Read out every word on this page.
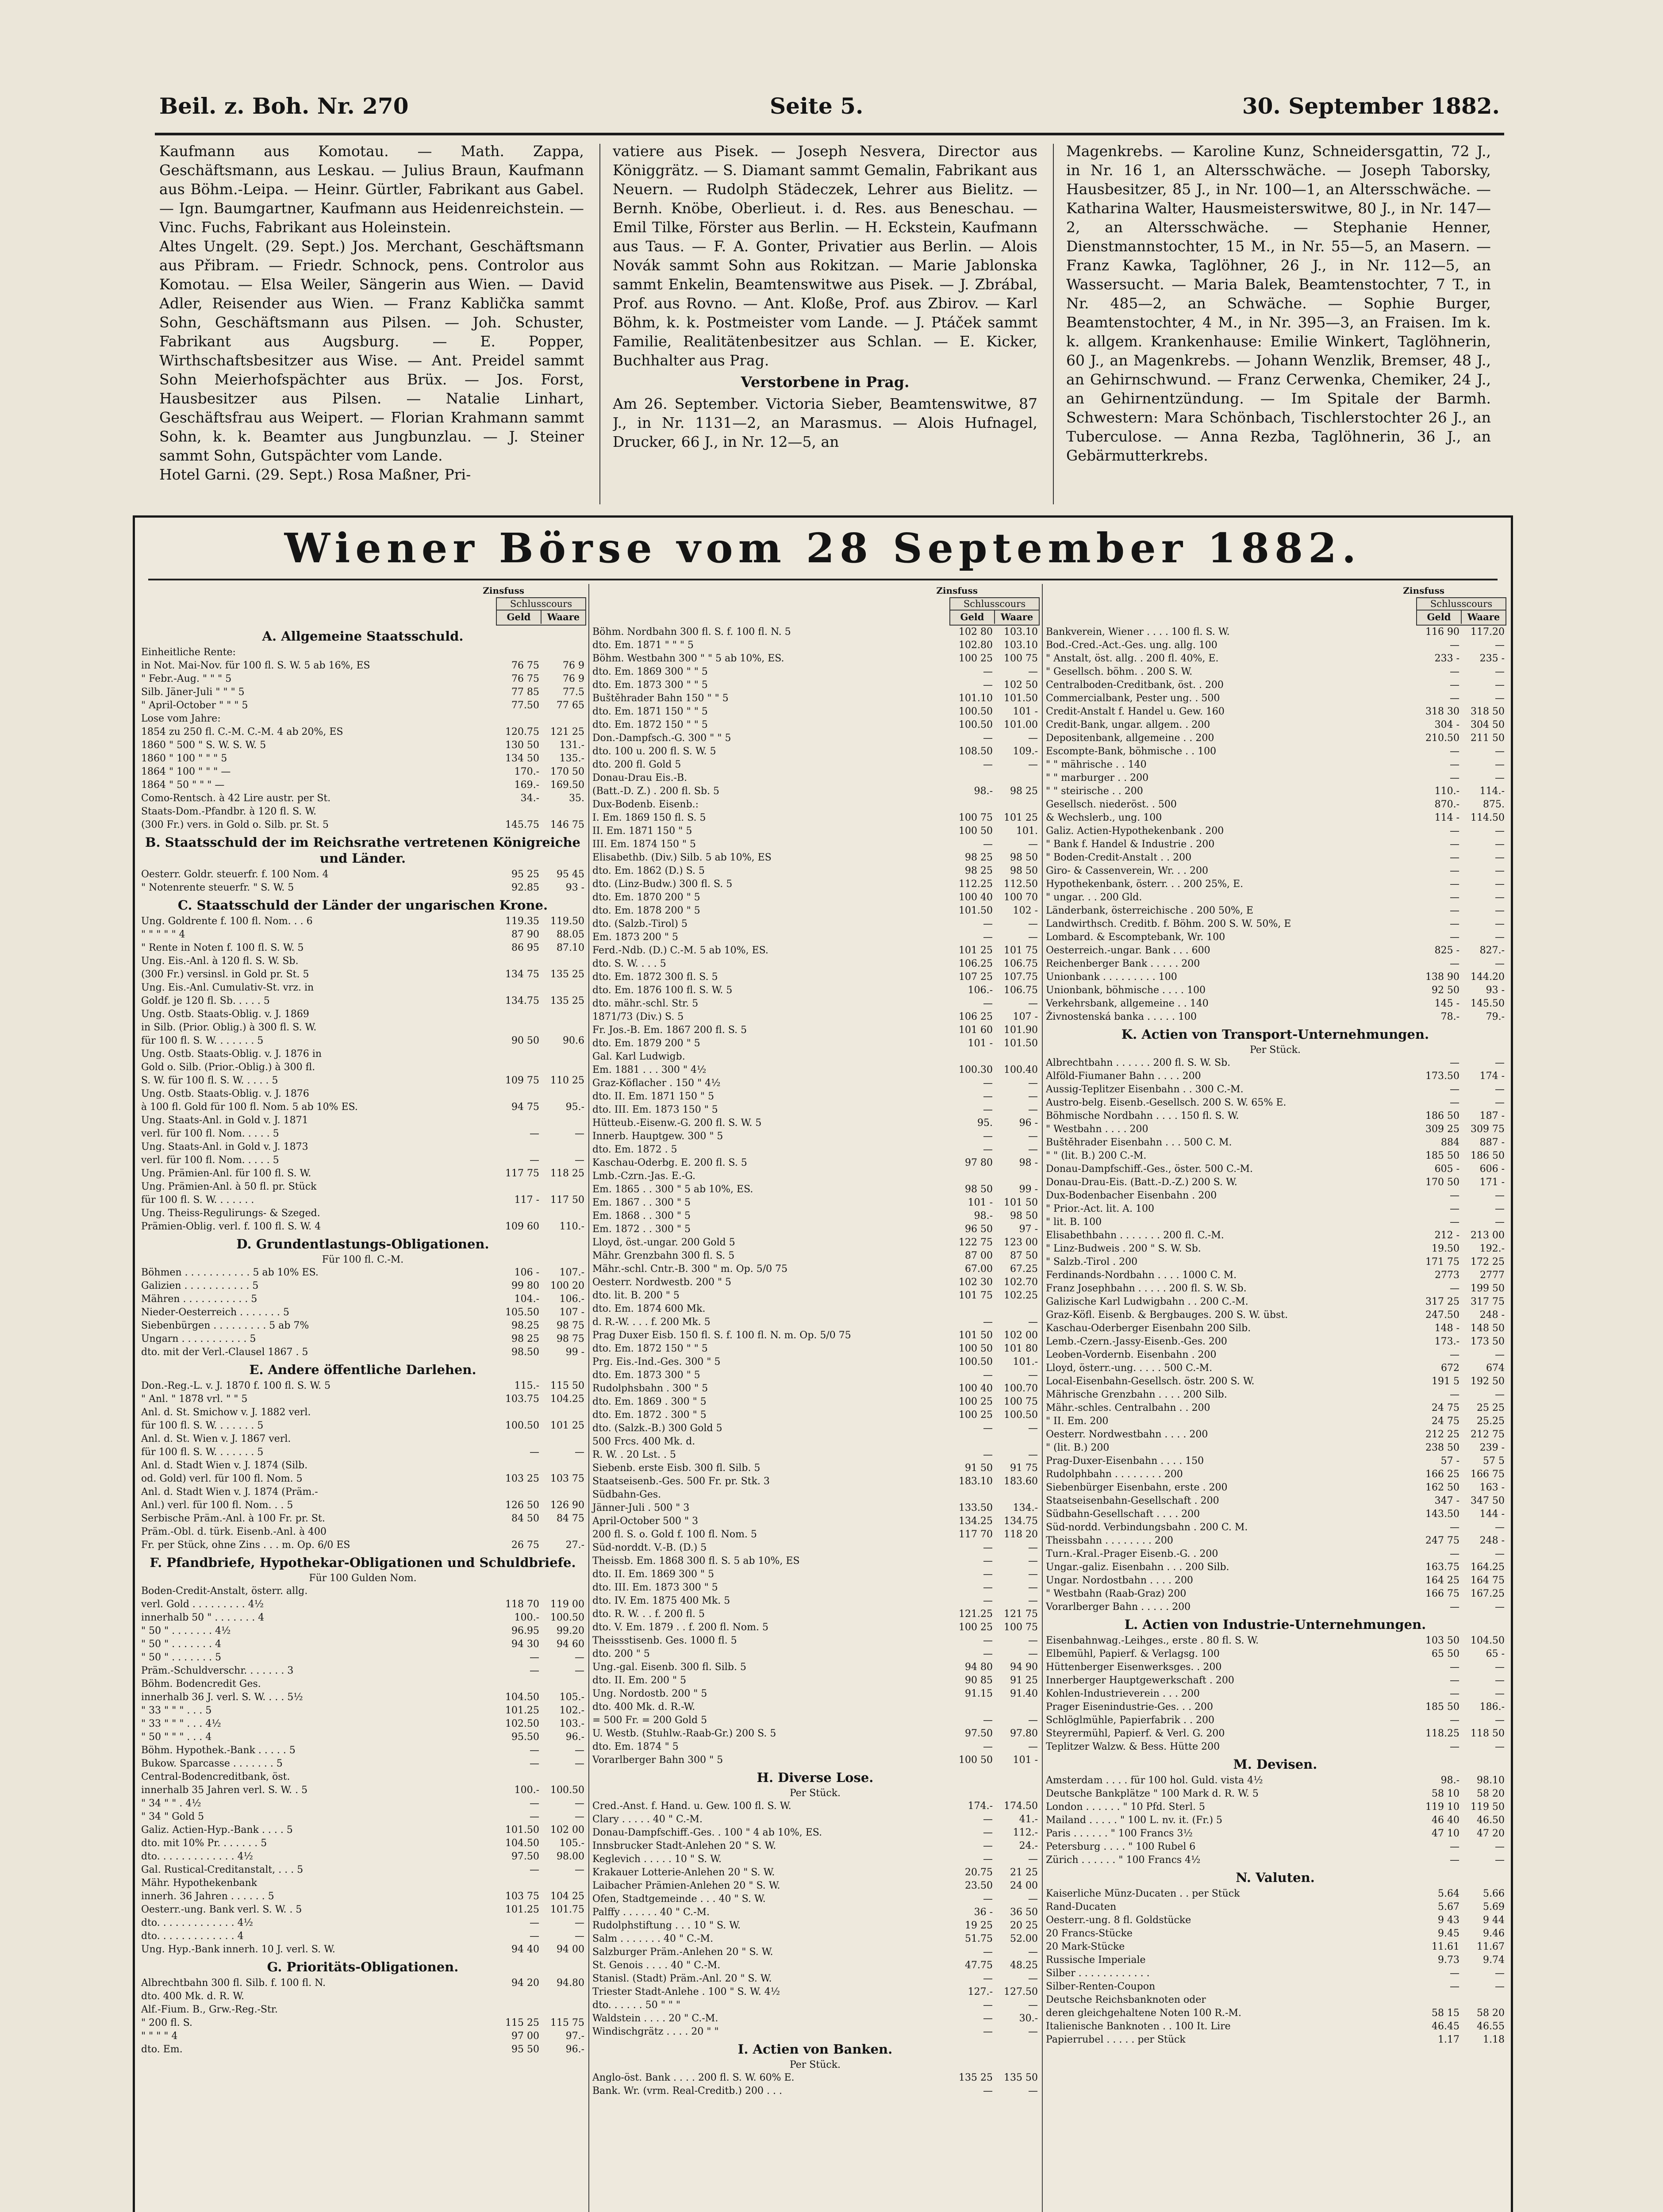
Beil. z. Boh. Nr. 270	Seite 5.	30. September 1882.
Kaufmann aus Komotau. — Math. Zappa, Geschäftsmann, aus Leskau. — Julius Braun, Kaufmann aus Böhm.-Leipa. — Heinr. Gürtler, Fabrikant aus Gabel. — Ign. Baumgartner, Kaufmann aus Heidenreichstein. — Vinc. Fuchs, Fabrikant aus Holeinstein.
Altes Ungelt. (29. Sept.) Jos. Merchant, Geschäftsmann aus Přibram. — Friedr. Schnock, pens. Controlor aus Komotau. — Elsa Weiler, Sängerin aus Wien. — David Adler, Reisender aus Wien. — Franz Kablička sammt Sohn, Geschäftsmann aus Pilsen. — Joh. Schuster, Fabrikant aus Augsburg. — E. Popper, Wirthschaftsbesitzer aus Wise. — Ant. Preidel sammt Sohn Meierhofspächter aus Brüx. — Jos. Forst, Hausbesitzer aus Pilsen. — Natalie Linhart, Geschäftsfrau aus Weipert. — Florian Krahmann sammt Sohn, k. k. Beamter aus Jungbunzlau. — J. Steiner sammt Sohn, Gutspächter vom Lande.
Hotel Garni. (29. Sept.) Rosa Maßner, Pri-
vatiere aus Pisek. — Joseph Nesvera, Director aus Königgrätz. — S. Diamant sammt Gemalin, Fabrikant aus Neuern. — Rudolph Städeczek, Lehrer aus Bielitz. — Bernh. Knöbe, Oberlieut. i. d. Res. aus Beneschau. — Emil Tilke, Förster aus Berlin. — H. Eckstein, Kaufmann aus Taus. — F. A. Gonter, Privatier aus Berlin. — Alois Novák sammt Sohn aus Rokitzan. — Marie Jablonska sammt Enkelin, Beamtenswitwe aus Pisek. — J. Zbrábal, Prof. aus Rovno. — Ant. Kloße, Prof. aus Zbirov. — Karl Böhm, k. k. Postmeister vom Lande. — J. Ptáček sammt Familie, Realitätenbesitzer aus Schlan. — E. Kicker, Buchhalter aus Prag.
Verstorbene in Prag.
Am 26. September. Victoria Sieber, Beamtenswitwe, 87 J., in Nr. 1131—2, an Marasmus. — Alois Hufnagel, Drucker, 66 J., in Nr. 12—5, an
Magenkrebs. — Karoline Kunz, Schneidersgattin, 72 J., in Nr. 16 1, an Altersschwäche. — Joseph Taborsky, Hausbesitzer, 85 J., in Nr. 100—1, an Altersschwäche. — Katharina Walter, Hausmeisterswitwe, 80 J., in Nr. 147—2, an Altersschwäche. — Stephanie Henner, Dienstmannstochter, 15 M., in Nr. 55—5, an Masern. — Franz Kawka, Taglöhner, 26 J., in Nr. 112—5, an Wassersucht. — Maria Balek, Beamtenstochter, 7 T., in Nr. 485—2, an Schwäche. — Sophie Burger, Beamtenstochter, 4 M., in Nr. 395—3, an Fraisen. Im k. k. allgem. Krankenhause: Emilie Winkert, Taglöhnerin, 60 J., an Magenkrebs. — Johann Wenzlik, Bremser, 48 J., an Gehirnschwund. — Franz Cerwenka, Chemiker, 24 J., an Gehirnentzündung. — Im Spitale der Barmh. Schwestern: Mara Schönbach, Tischlerstochter 26 J., an Tuberculose. — Anna Rezba, Taglöhnerin, 36 J., an Gebärmutterkrebs.
Wiener Börse vom 28 September 1882.
Zinsfuss
Schlusscours
Geld	Waare
A. Allgemeine Staatsschuld.
Einheitliche Rente:
in Not. Mai-Nov. für 100 fl. S. W. 5 ab 16%, ES	76 75	76 9
" Febr.-Aug. " " " 5	76 75	76 9
Silb. Jäner-Juli " " " 5	77 85	77.5
" April-October " " " 5	77.50	77 65
Lose vom Jahre:
1854 zu 250 fl. C.-M. C.-M. 4 ab 20%, ES	120.75	121 25
1860 " 500 " S. W. S. W. 5	130 50	131.-
1860 " 100 " " " 5	134 50	135.-
1864 " 100 " " " —	170.-	170 50
1864 " 50 " " " —	169.-	169.50
Como-Rentsch. à 42 Lire austr. per St.	34.-	35.
Staats-Dom.-Pfandbr. à 120 fl. S. W.
(300 Fr.) vers. in Gold o. Silb. pr. St. 5	145.75	146 75
B. Staatsschuld der im Reichsrathe vertretenen Königreiche und Länder.
Oesterr. Goldr. steuerfr. f. 100 Nom. 4	95 25	95 45
" Notenrente steuerfr. " S. W. 5	92.85	93 -
C. Staatsschuld der Länder der ungarischen Krone.
Ung. Goldrente f. 100 fl. Nom. . . 6	119.35	119.50
" " " " " 4	87 90	88.05
" Rente in Noten f. 100 fl. S. W. 5	86 95	87.10
Ung. Eis.-Anl. à 120 fl. S. W. Sb.
(300 Fr.) versinsl. in Gold pr. St. 5	134 75	135 25
Ung. Eis.-Anl. Cumulativ-St. vrz. in
Goldf. je 120 fl. Sb. . . . . 5	134.75	135 25
Ung. Ostb. Staats-Oblig. v. J. 1869
in Silb. (Prior. Oblig.) à 300 fl. S. W.
für 100 fl. S. W. . . . . . . 5	90 50	90.6
Ung. Ostb. Staats-Oblig. v. J. 1876 in
Gold o. Silb. (Prior.-Oblig.) à 300 fl.
S. W. für 100 fl. S. W. . . . . 5	109 75	110 25
Ung. Ostb. Staats-Oblig. v. J. 1876
à 100 fl. Gold für 100 fl. Nom. 5 ab 10% ES.	94 75	95.-
Ung. Staats-Anl. in Gold v. J. 1871
verl. für 100 fl. Nom. . . . . 5	—	—
Ung. Staats-Anl. in Gold v. J. 1873
verl. für 100 fl. Nom. . . . . 5	—	—
Ung. Prämien-Anl. für 100 fl. S. W.	117 75	118 25
Ung. Prämien-Anl. à 50 fl. pr. Stück
für 100 fl. S. W. . . . . . .	117 -	117 50
Ung. Theiss-Regulirungs- & Szeged.
Prämien-Oblig. verl. f. 100 fl. S. W. 4	109 60	110.-
D. Grundentlastungs-Obligationen.
Für 100 fl. C.-M.
Böhmen . . . . . . . . . . . 5 ab 10% ES.	106 -	107.-
Galizien . . . . . . . . . . . 5	99 80	100 20
Mähren . . . . . . . . . . . 5	104.-	106.-
Nieder-Oesterreich . . . . . . . 5	105.50	107 -
Siebenbürgen . . . . . . . . . 5 ab 7%	98.25	98 75
Ungarn . . . . . . . . . . . 5	98 25	98 75
dto. mit der Verl.-Clausel 1867 . 5	98.50	99 -
E. Andere öffentliche Darlehen.
Don.-Reg.-L. v. J. 1870 f. 100 fl. S. W. 5	115.-	115 50
" Anl. " 1878 vrl. " " 5	103.75	104.25
Anl. d. St. Smichow v. J. 1882 verl.
für 100 fl. S. W. . . . . . . 5	100.50	101 25
Anl. d. St. Wien v. J. 1867 verl.
für 100 fl. S. W. . . . . . . 5	—	—
Anl. d. Stadt Wien v. J. 1874 (Silb.
od. Gold) verl. für 100 fl. Nom. 5	103 25	103 75
Anl. d. Stadt Wien v. J. 1874 (Präm.-
Anl.) verl. für 100 fl. Nom. . . 5	126 50	126 90
Serbische Präm.-Anl. à 100 Fr. pr. St.	84 50	84 75
Präm.-Obl. d. türk. Eisenb.-Anl. à 400
Fr. per Stück, ohne Zins . . . m. Op. 6/0 ES	26 75	27.-
F. Pfandbriefe, Hypothekar-Obligationen und Schuldbriefe.
Für 100 Gulden Nom.
Boden-Credit-Anstalt, österr. allg.
verl. Gold . . . . . . . . . 4½	118 70	119 00
innerhalb 50 " . . . . . . . 4	100.-	100.50
" 50 " . . . . . . . 4½	96.95	99.20
" 50 " . . . . . . . 4	94 30	94 60
" 50 " . . . . . . . 5	—	—
Präm.-Schuldverschr. . . . . . . 3	—	—
Böhm. Bodencredit Ges.
innerhalb 36 J. verl. S. W. . . . 5½	104.50	105.-
" 33 " " " . . . 5	101.25	102.-
" 33 " " " . . . 4½	102.50	103.-
" 50 " " " . . . 4	95.50	96.-
Böhm. Hypothek.-Bank . . . . . 5	—	—
Bukow. Sparcasse . . . . . . . 5	—	—
Central-Bodencreditbank, öst.
innerhalb 35 Jahren verl. S. W. . 5	100.-	100.50
" 34 " " . 4½	—	—
" 34 " Gold 5	—	—
Galiz. Actien-Hyp.-Bank . . . . 5	101.50	102 00
dto. mit 10% Pr. . . . . . . 5	104.50	105.-
dto. . . . . . . . . . . . . 4½	97.50	98.00
Gal. Rustical-Creditanstalt, . . . 5	—	—
Mähr. Hypothekenbank
innerh. 36 Jahren . . . . . . 5	103 75	104 25
Oesterr.-ung. Bank verl. S. W. . 5	101.25	101.75
dto. . . . . . . . . . . . . 4½	—	—
dto. . . . . . . . . . . . . 4	—	—
Ung. Hyp.-Bank innerh. 10 J. verl. S. W.	94 40	94 00
G. Prioritäts-Obligationen.
Albrechtbahn 300 fl. Silb. f. 100 fl. N.	94 20	94.80
dto. 400 Mk. d. R. W.
Alf.-Fium. B., Grw.-Reg.-Str.
" 200 fl. S.	115 25	115 75
" " " " 4	97 00	97.-
dto. Em.	95 50	96.-
Zinsfuss
Schlusscours
Geld	Waare
Böhm. Nordbahn 300 fl. S. f. 100 fl. N. 5	102 80	103.10
dto. Em. 1871 " " " 5	102.80	103.10
Böhm. Westbahn 300 " " 5 ab 10%, ES.	100 25	100 75
dto. Em. 1869 300 " " 5	—	—
dto. Em. 1873 300 " " 5	—	102 50
Buštěhrader Bahn 150 " " 5	101.10	101.50
dto. Em. 1871 150 " " 5	100.50	101 -
dto. Em. 1872 150 " " 5	100.50	101.00
Don.-Dampfsch.-G. 300 " " 5	—	—
dto. 100 u. 200 fl. S. W. 5	108.50	109.-
dto. 200 fl. Gold 5	—	—
Donau-Drau Eis.-B.
(Batt.-D. Z.) . 200 fl. Sb. 5	98.-	98 25
Dux-Bodenb. Eisenb.:
I. Em. 1869 150 fl. S. 5	100 75	101 25
II. Em. 1871 150 " 5	100 50	101.
III. Em. 1874 150 " 5	—	—
Elisabethb. (Div.) Silb. 5 ab 10%, ES	98 25	98 50
dto. Em. 1862 (D.) S. 5	98 25	98 50
dto. (Linz-Budw.) 300 fl. S. 5	112.25	112.50
dto. Em. 1870 200 " 5	100 40	100 70
dto. Em. 1878 200 " 5	101.50	102 -
dto. (Salzb.-Tirol) 5	—	—
Em. 1873 200 " 5	—	—
Ferd.-Ndb. (D.) C.-M. 5 ab 10%, ES.	101 25	101 75
dto. S. W. . . . 5	106.25	106.75
dto. Em. 1872 300 fl. S. 5	107 25	107.75
dto. Em. 1876 100 fl. S. W. 5	106.-	106.75
dto. mähr.-schl. Str. 5	—	—
1871/73 (Div.) S. 5	106 25	107 -
Fr. Jos.-B. Em. 1867 200 fl. S. 5	101 60	101.90
dto. Em. 1879 200 " 5	101 -	101.50
Gal. Karl Ludwigb.
Em. 1881 . . . 300 " 4½	100.30	100.40
Graz-Köflacher . 150 " 4½	—	—
dto. II. Em. 1871 150 " 5	—	—
dto. III. Em. 1873 150 " 5	—	—
Hütteub.-Eisenw.-G. 200 fl. S. W. 5	95.	96 -
Innerb. Hauptgew. 300 " 5	—	—
dto. Em. 1872 . 5	—	—
Kaschau-Oderbg. E. 200 fl. S. 5	97 80	98 -
Lmb.-Czrn.-Jas. E.-G.
Em. 1865 . . 300 " 5 ab 10%, ES.	98 50	99 -
Em. 1867 . . 300 " 5	101 -	101 50
Em. 1868 . . 300 " 5	98.-	98 50
Em. 1872 . . 300 " 5	96 50	97 -
Lloyd, öst.-ungar. 200 Gold 5	122 75	123 00
Mähr. Grenzbahn 300 fl. S. 5	87 00	87 50
Mähr.-schl. Cntr.-B. 300 " m. Op. 5/0 75	67.00	67.25
Oesterr. Nordwestb. 200 " 5	102 30	102.70
dto. lit. B. 200 " 5	101 75	102.25
dto. Em. 1874 600 Mk.
d. R.-W. . . . f. 200 Mk. 5	—	—
Prag Duxer Eisb. 150 fl. S. f. 100 fl. N. m. Op. 5/0 75	101 50	102 00
dto. Em. 1872 150 " " 5	100 50	101 80
Prg. Eis.-Ind.-Ges. 300 " 5	100.50	101.-
dto. Em. 1873 300 " 5	—	—
Rudolphsbahn . 300 " 5	100 40	100.70
dto. Em. 1869 . 300 " 5	100 25	100 75
dto. Em. 1872 . 300 " 5	100 25	100.50
dto. (Salzk.-B.) 300 Gold 5	—	—
500 Frcs. 400 Mk. d.
R. W. . 20 Lst. . 5	—	—
Siebenb. erste Eisb. 300 fl. Silb. 5	91 50	91 75
Staatseisenb.-Ges. 500 Fr. pr. Stk. 3	183.10	183.60
Südbahn-Ges.
Jänner-Juli . 500 " 3	133.50	134.-
April-October 500 " 3	134.25	134.75
200 fl. S. o. Gold f. 100 fl. Nom. 5	117 70	118 20
Süd-norddt. V.-B. (D.) 5	—	—
Theissb. Em. 1868 300 fl. S. 5 ab 10%, ES	—	—
dto. II. Em. 1869 300 " 5	—	—
dto. III. Em. 1873 300 " 5	—	—
dto. IV. Em. 1875 400 Mk. 5	—	—
dto. R. W. . . f. 200 fl. 5	121.25	121 75
dto. V. Em. 1879 . . f. 200 fl. Nom. 5	100 25	100 75
Theissstisenb. Ges. 1000 fl. 5	—	—
dto. 200 " 5	—	—
Ung.-gal. Eisenb. 300 fl. Silb. 5	94 80	94 90
dto. II. Em. 200 " 5	90 85	91 25
Ung. Nordostb. 200 " 5	91.15	91.40
dto. 400 Mk. d. R.-W.
= 500 Fr. = 200 Gold 5	—	—
U. Westb. (Stuhlw.-Raab-Gr.) 200 S. 5	97.50	97.80
dto. Em. 1874 " 5	—	—
Vorarlberger Bahn 300 " 5	100 50	101 -
H. Diverse Lose.
Per Stück.
Cred.-Anst. f. Hand. u. Gew. 100 fl. S. W.	174.-	174.50
Clary . . . . . 40 " C.-M.	—	41.-
Donau-Dampfschiff.-Ges. . 100 " 4 ab 10%, ES.	—	112.-
Innsbrucker Stadt-Anlehen 20 " S. W.	—	24.-
Keglevich . . . . . 10 " S. W.	—	—
Krakauer Lotterie-Anlehen 20 " S. W.	20.75	21 25
Laibacher Prämien-Anlehen 20 " S. W.	23.50	24 00
Ofen, Stadtgemeinde . . . 40 " S. W.	—	—
Palffy . . . . . . 40 " C.-M.	36 -	36 50
Rudolphstiftung . . . 10 " S. W.	19 25	20 25
Salm . . . . . . . 40 " C.-M.	51.75	52.00
Salzburger Präm.-Anlehen 20 " S. W.	—	—
St. Genois . . . . 40 " C.-M.	47.75	48.25
Stanisl. (Stadt) Präm.-Anl. 20 " S. W.	—	—
Triester Stadt-Anlehe . 100 " S. W. 4½	127.-	127.50
dto. . . . . . 50 " " "	—	—
Waldstein . . . . 20 " C.-M.	—	30.-
Windischgrätz . . . . 20 " "	—	—
I. Actien von Banken.
Per Stück.
Anglo-öst. Bank . . . . 200 fl. S. W. 60% E.	135 25	135 50
Bank. Wr. (vrm. Real-Creditb.) 200 . . .	—	—
Zinsfuss
Schlusscours
Geld	Waare
Bankverein, Wiener . . . . 100 fl. S. W.	116 90	117.20
Bod.-Cred.-Act.-Ges. ung. allg. 100	—	—
" Anstalt, öst. allg. . 200 fl. 40%, E.	233 -	235 -
" Gesellsch. böhm. . 200 S. W.	—	—
Centralboden-Creditbank, öst. . 200	—	—
Commercialbank, Pester ung. . 500	—	—
Credit-Anstalt f. Handel u. Gew. 160	318 30	318 50
Credit-Bank, ungar. allgem. . 200	304 -	304 50
Depositenbank, allgemeine . . 200	210.50	211 50
Escompte-Bank, böhmische . . 100	—	—
" " mährische . . 140	—	—
" " marburger . . 200	—	—
" " steirische . . 200	110.-	114.-
Gesellsch. niederöst. . 500	870.-	875.
& Wechslerb., ung. 100	114 -	114.50
Galiz. Actien-Hypothekenbank . 200	—	—
" Bank f. Handel & Industrie . 200	—	—
" Boden-Credit-Anstalt . . 200	—	—
Giro- & Cassenverein, Wr. . . 200	—	—
Hypothekenbank, österr. . . 200 25%, E.	—	—
" ungar. . . 200 Gld.	—	—
Länderbank, österreichische . 200 50%, E	—	—
Landwirthsch. Creditb. f. Böhm. 200 S. W. 50%, E	—	—
Lombard. & Escomptebank, Wr. 100	—	—
Oesterreich.-ungar. Bank . . . 600	825 -	827.-
Reichenberger Bank . . . . . 200	—	—
Unionbank . . . . . . . . . 100	138 90	144.20
Unionbank, böhmische . . . . 100	92 50	93 -
Verkehrsbank, allgemeine . . 140	145 -	145.50
Živnostenská banka . . . . . 100	78.-	79.-
K. Actien von Transport-Unternehmungen.
Per Stück.
Albrechtbahn . . . . . . 200 fl. S. W. Sb.	—	—
Alföld-Fiumaner Bahn . . . . 200	173.50	174 -
Aussig-Teplitzer Eisenbahn . . 300 C.-M.	—	—
Austro-belg. Eisenb.-Gesellsch. 200 S. W. 65% E.	—	—
Böhmische Nordbahn . . . . 150 fl. S. W.	186 50	187 -
" Westbahn . . . . 200	309 25	309 75
Buštěhrader Eisenbahn . . . 500 C. M.	884	887 -
" " (lit. B.) 200 C.-M.	185 50	186 50
Donau-Dampfschiff.-Ges., öster. 500 C.-M.	605 -	606 -
Donau-Drau-Eis. (Batt.-D.-Z.) 200 S. W.	170 50	171 -
Dux-Bodenbacher Eisenbahn . 200	—	—
" Prior.-Act. lit. A. 100	—	—
" lit. B. 100	—	—
Elisabethbahn . . . . . . . 200 fl. C.-M.	212 -	213 00
" Linz-Budweis . 200 " S. W. Sb.	19.50	192.-
" Salzb.-Tirol . 200	171 75	172 25
Ferdinands-Nordbahn . . . . 1000 C. M.	2773	2777
Franz Josephbahn . . . . . 200 fl. S. W. Sb.	—	199 50
Galizische Karl Ludwigbahn . . 200 C.-M.	317 25	317 75
Graz-Köfl. Eisenb. & Bergbauges. 200 S. W. übst.	247.50	248 -
Kaschau-Oderberger Eisenbahn 200 Silb.	148 -	148 50
Lemb.-Czern.-Jassy-Eisenb.-Ges. 200	173.-	173 50
Leoben-Vordernb. Eisenbahn . 200	—	—
Lloyd, österr.-ung. . . . . 500 C.-M.	672	674
Local-Eisenbahn-Gesellsch. östr. 200 S. W.	191 5	192 50
Mährische Grenzbahn . . . . 200 Silb.	—	—
Mähr.-schles. Centralbahn . . 200	24 75	25 25
" II. Em. 200	24 75	25.25
Oesterr. Nordwestbahn . . . . 200	212 25	212 75
" (lit. B.) 200	238 50	239 -
Prag-Duxer-Eisenbahn . . . . 150	57 -	57 5
Rudolphbahn . . . . . . . . 200	166 25	166 75
Siebenbürger Eisenbahn, erste . 200	162 50	163 -
Staatseisenbahn-Gesellschaft . 200	347 -	347 50
Südbahn-Gesellschaft . . . . 200	143.50	144 -
Süd-nordd. Verbindungsbahn . 200 C. M.	—	—
Theissbahn . . . . . . . . 200	247 75	248 -
Turn.-Kral.-Prager Eisenb.-G. . 200	—	—
Ungar.-galiz. Eisenbahn . . . 200 Silb.	163.75	164.25
Ungar. Nordostbahn . . . . 200	164 25	164 75
" Westbahn (Raab-Graz) 200	166 75	167.25
Vorarlberger Bahn . . . . . 200	—	—
L. Actien von Industrie-Unternehmungen.
Eisenbahnwag.-Leihges., erste . 80 fl. S. W.	103 50	104.50
Elbemühl, Papierf. & Verlagsg. 100	65 50	65 -
Hüttenberger Eisenwerksges. . 200	—	—
Innerberger Hauptgewerkschaft . 200	—	—
Kohlen-Industrieverein . . . 200	—	—
Prager Eisenindustrie-Ges. . . 200	185 50	186.-
Schlöglmühle, Papierfabrik . . 200	—	—
Steyrermühl, Papierf. & Verl. G. 200	118.25	118 50
Teplitzer Walzw. & Bess. Hütte 200	—	—
M. Devisen.
Amsterdam . . . . für 100 hol. Guld. vista 4½	98.-	98.10
Deutsche Bankplätze " 100 Mark d. R. W. 5	58 10	58 20
London . . . . . . " 10 Pfd. Sterl. 5	119 10	119 50
Mailand . . . . . " 100 L. nv. it. (Fr.) 5	46 40	46.50
Paris . . . . . . " 100 Francs 3½	47 10	47 20
Petersburg . . . . " 100 Rubel 6	—	—
Zürich . . . . . . " 100 Francs 4½	—	—
N. Valuten.
Kaiserliche Münz-Ducaten . . per Stück	5.64	5.66
Rand-Ducaten	5.67	5.69
Oesterr.-ung. 8 fl. Goldstücke	9 43	9 44
20 Francs-Stücke	9.45	9.46
20 Mark-Stücke	11.61	11.67
Russische Imperiale	9.73	9.74
Silber . . . . . . . . . . . .	—	—
Silber-Renten-Coupon	—	—
Deutsche Reichsbanknoten oder
deren gleichgehaltene Noten 100 R.-M.	58 15	58 20
Italienische Banknoten . . 100 It. Lire	46.45	46.55
Papierrubel . . . . . per Stück	1.17	1.18
